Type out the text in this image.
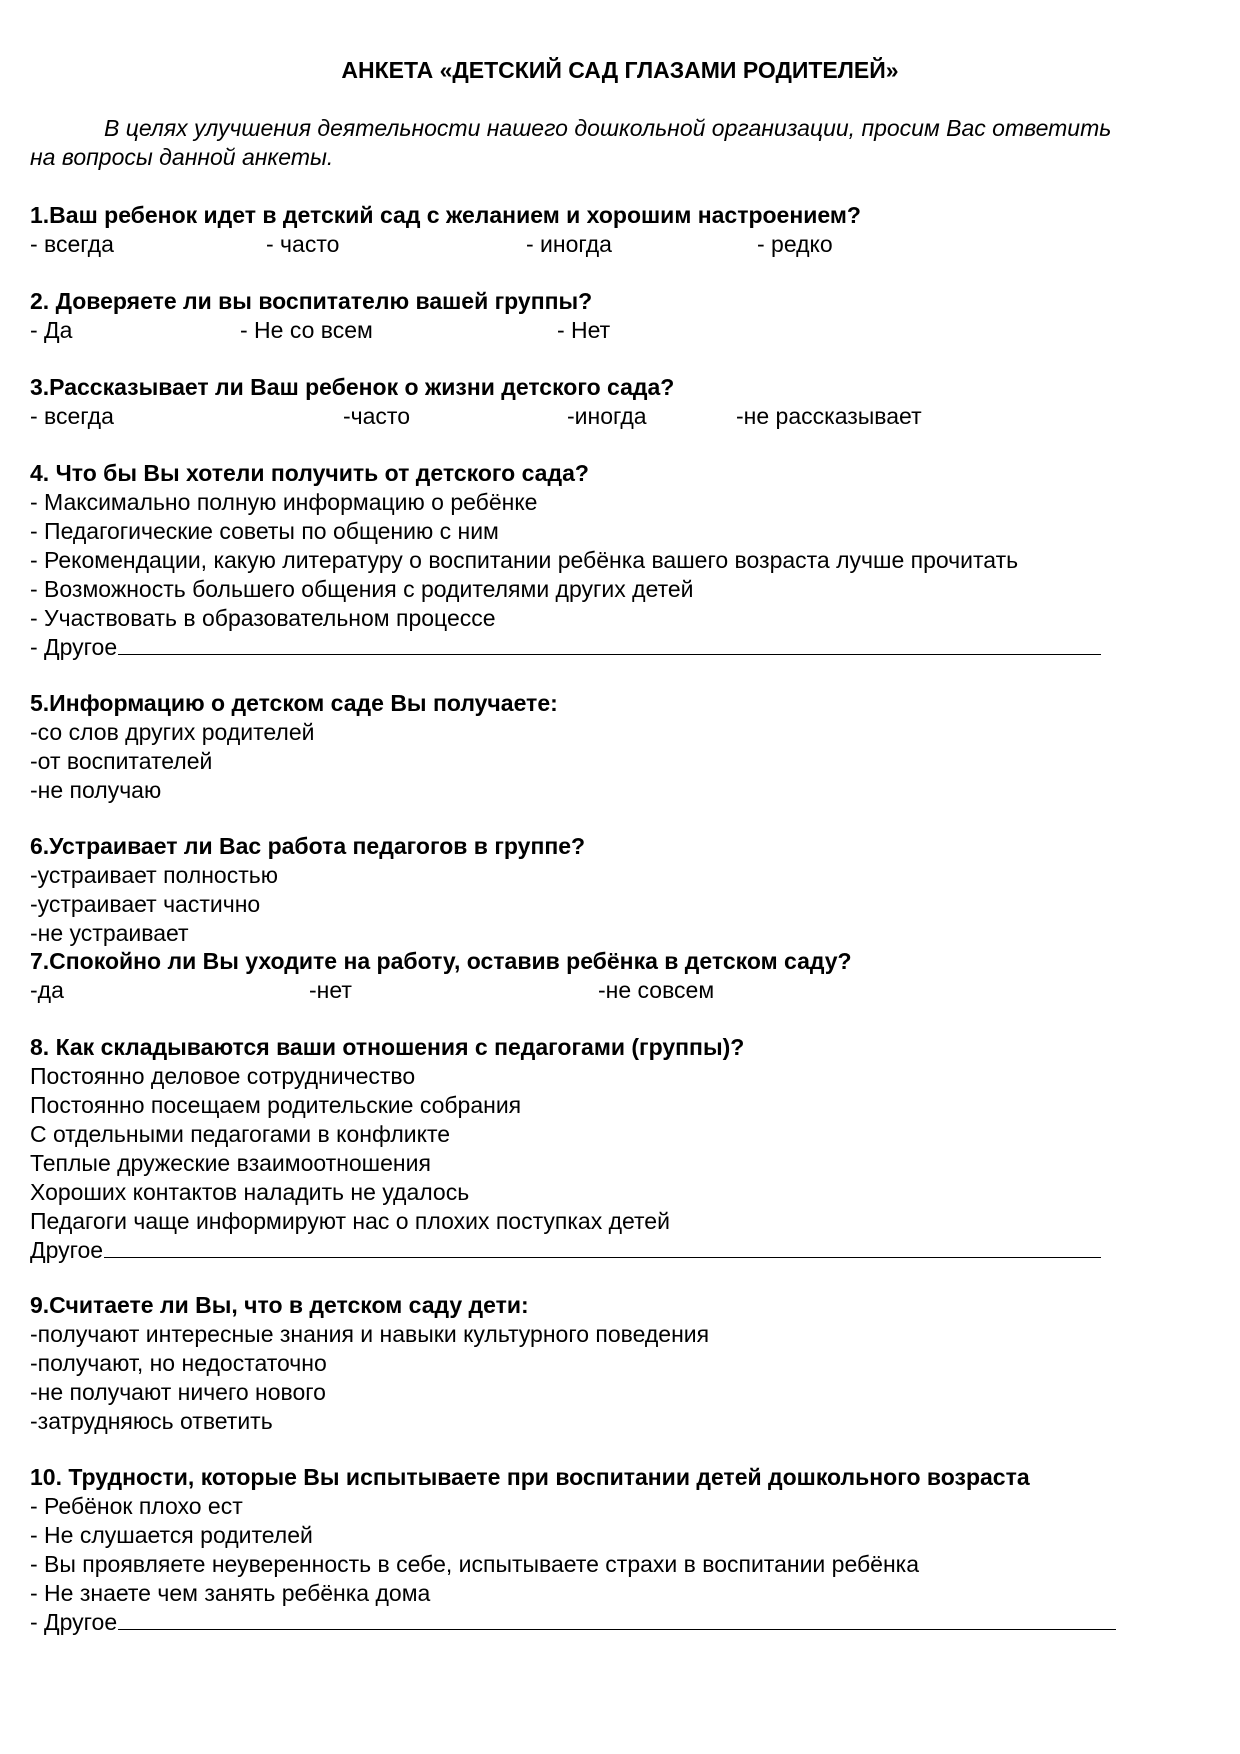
АНКЕТА «ДЕТСКИЙ САД ГЛАЗАМИ РОДИТЕЛЕЙ»
В целях улучшения деятельности нашего дошкольной организации, просим Вас ответить
на вопросы данной анкеты.
1.Ваш ребенок идет в детский сад с желанием и хорошим настроением?
- всегда	- часто	- иногда	- редко
2. Доверяете ли вы воспитателю вашей группы?
- Да	- Не со всем	- Нет
3.Рассказывает ли Ваш ребенок о жизни детского сада?
- всегда	-часто	-иногда	-не рассказывает
4. Что бы Вы хотели получить от детского сада?
- Максимально полную информацию о ребёнке
- Педагогические советы по общению с ним
- Рекомендации, какую литературу о воспитании ребёнка вашего возраста лучше прочитать
- Возможность большего общения с родителями других детей
- Участвовать в образовательном процессе
- Другое
5.Информацию о детском саде Вы получаете:
-со слов других родителей
-от воспитателей
-не получаю
6.Устраивает ли Вас работа педагогов в группе?
-устраивает полностью
-устраивает частично
-не устраивает
7.Спокойно ли Вы уходите на работу, оставив ребёнка в детском саду?
-да	-нет	-не совсем
8. Как складываются ваши отношения с педагогами (группы)?
Постоянно деловое сотрудничество
Постоянно посещаем родительские собрания
С отдельными педагогами в конфликте
Теплые дружеские взаимоотношения
Хороших контактов наладить не удалось
Педагоги чаще информируют нас о плохих поступках детей
Другое
9.Считаете ли Вы, что в детском саду дети:
-получают интересные знания и навыки культурного поведения
-получают, но недостаточно
-не получают ничего нового
-затрудняюсь ответить
10. Трудности, которые Вы испытываете при воспитании детей дошкольного возраста
- Ребёнок плохо ест
- Не слушается родителей
- Вы проявляете неуверенность в себе, испытываете страхи в воспитании ребёнка
- Не знаете чем занять ребёнка дома
- Другое
